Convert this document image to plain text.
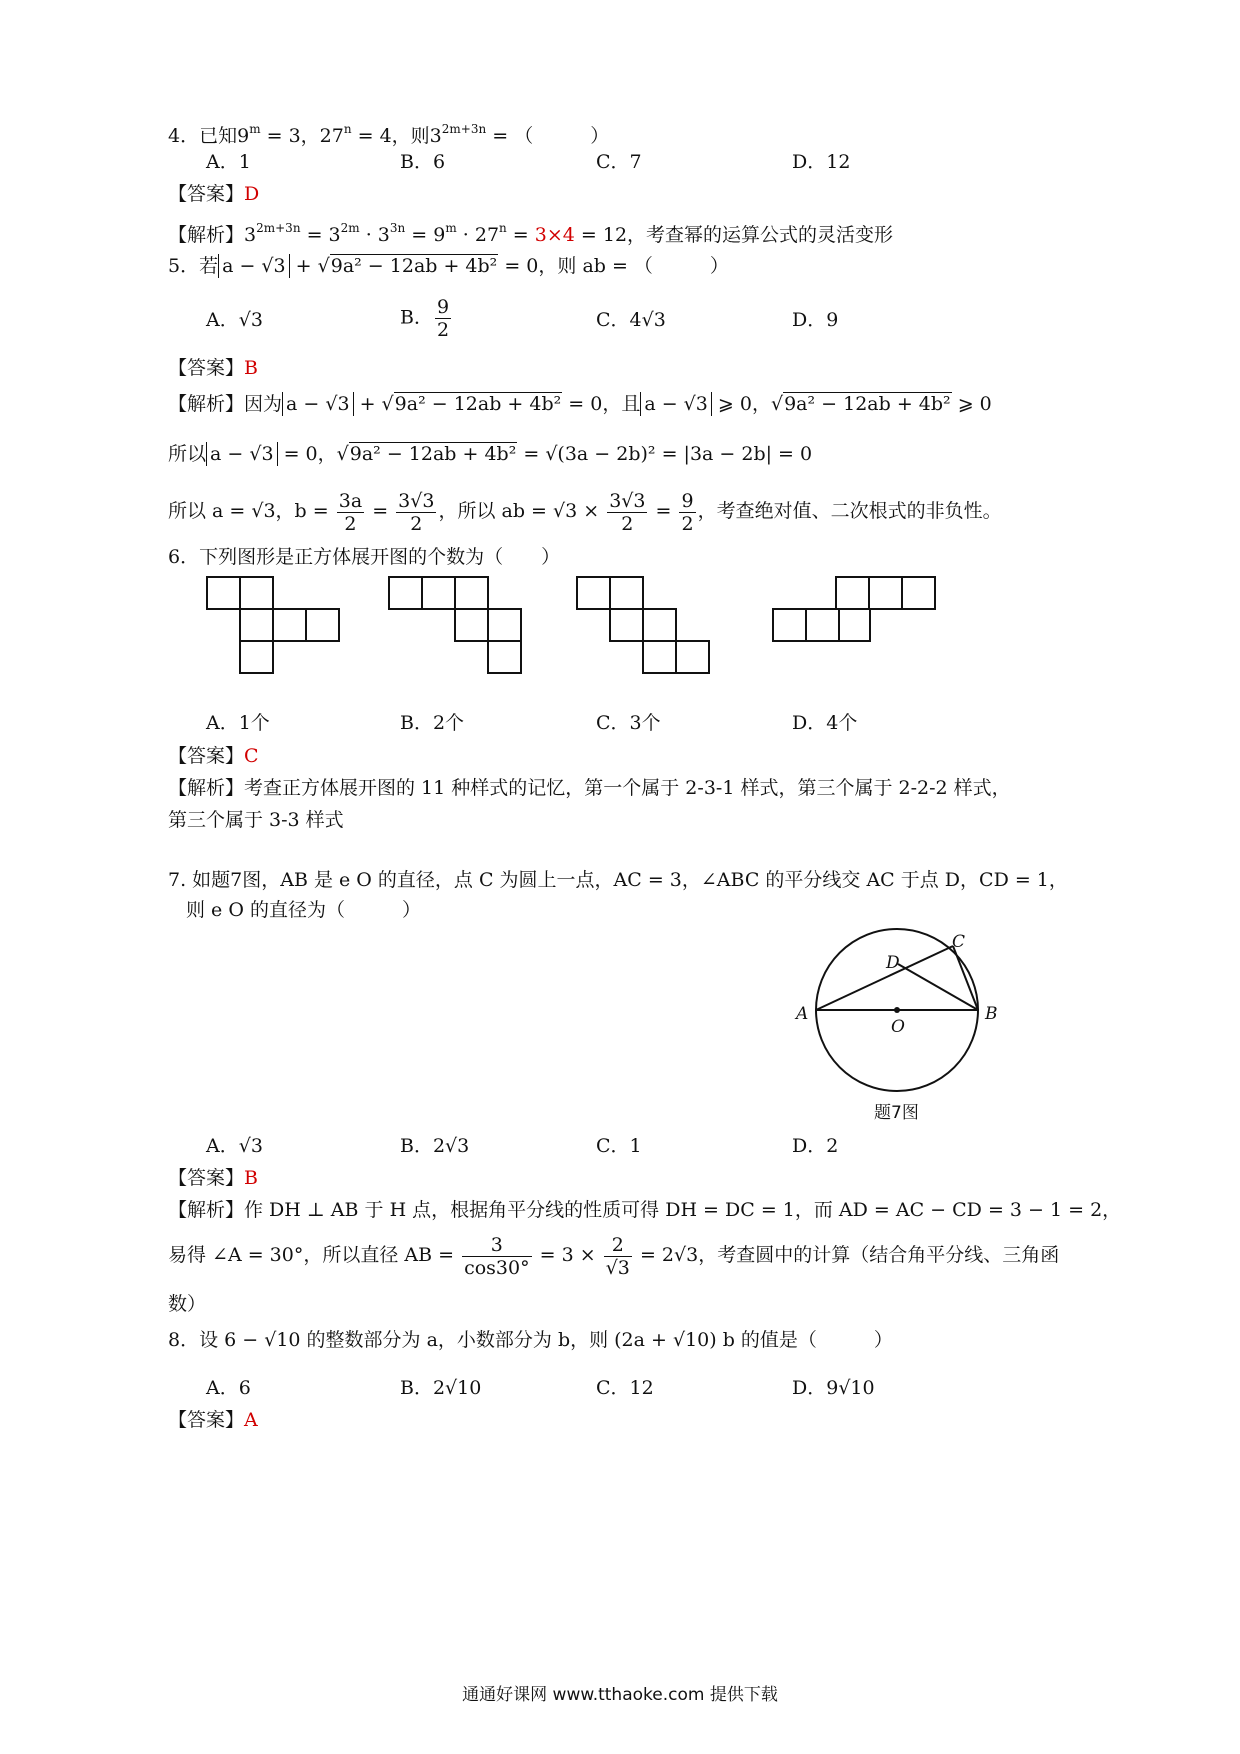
4．已知$9^m = 3$，$27^n = 4$，则$3^{2m+3n}$ = （　　　）
A．1	B．6	C．7	D．12
【答案】D
【解析】$3^{2m+3n} = 3^{2m} \cdot 3^{3n} = 9^m \cdot 27^n = 3\times 4 = 12$，考查幂的运算公式的灵活变形
5．若 a − √3 + √9a² − 12ab + 4b² = 0，则 ab = （　　　）
A．√3	B． $\frac{9}{2}$	C．4√3	D．9
【答案】B
【解析】因为 a − √3 + √9a² − 12ab + 4b² = 0，且 a − √3 ⩾ 0，√9a² − 12ab + 4b² ⩾ 0
所以 a − √3 = 0，√9a² − 12ab + 4b² = √(3a − 2b)² = |3a − 2b| = 0
所以 a = √3，$b = \frac{3a}{2} = \frac{3√3}{2}$ ，所以 ab = $√3 \times \frac{3√3}{2} = \frac{9}{2}$ ，考查绝对值、二次根式的非负性。
6．下列图形是正方体展开图的个数为（　　）
A．1个	B．2个	C．3个	D．4个
【答案】C
【解析】考查正方体展开图的 11 种样式的记忆，第一个属于 2-3-1 样式，第三个属于 2-2-2 样式，
第三个属于 3-3 样式
7. 如题7图，AB 是 e O 的直径，点 C 为圆上一点，AC = 3，∠ABC 的平分线交 AC 于点 D，CD = 1，
则 e O 的直径为（　　　）
A	B
C
D
O
题7图
A．√3	B．2√3	C．1	D．2
【答案】B
【解析】作 DH ⊥ AB 于 H 点，根据角平分线的性质可得 DH = DC = 1，而 AD = AC − CD = 3 − 1 = 2，
易得 ∠A = 30°，所以直径 AB = $\frac{3}{\cos 30^\circ} = 3 \times \frac{2}{√3} = 2√3$，考查圆中的计算（结合角平分线、三角函
数）
8．设 6 − √10 的整数部分为 a，小数部分为 b，则 (2a + √10) b 的值是（　　　）
A．6	B．2√10	C．12	D．9√10
【答案】A
通通好课网 www.tthaoke.com 提供下载
